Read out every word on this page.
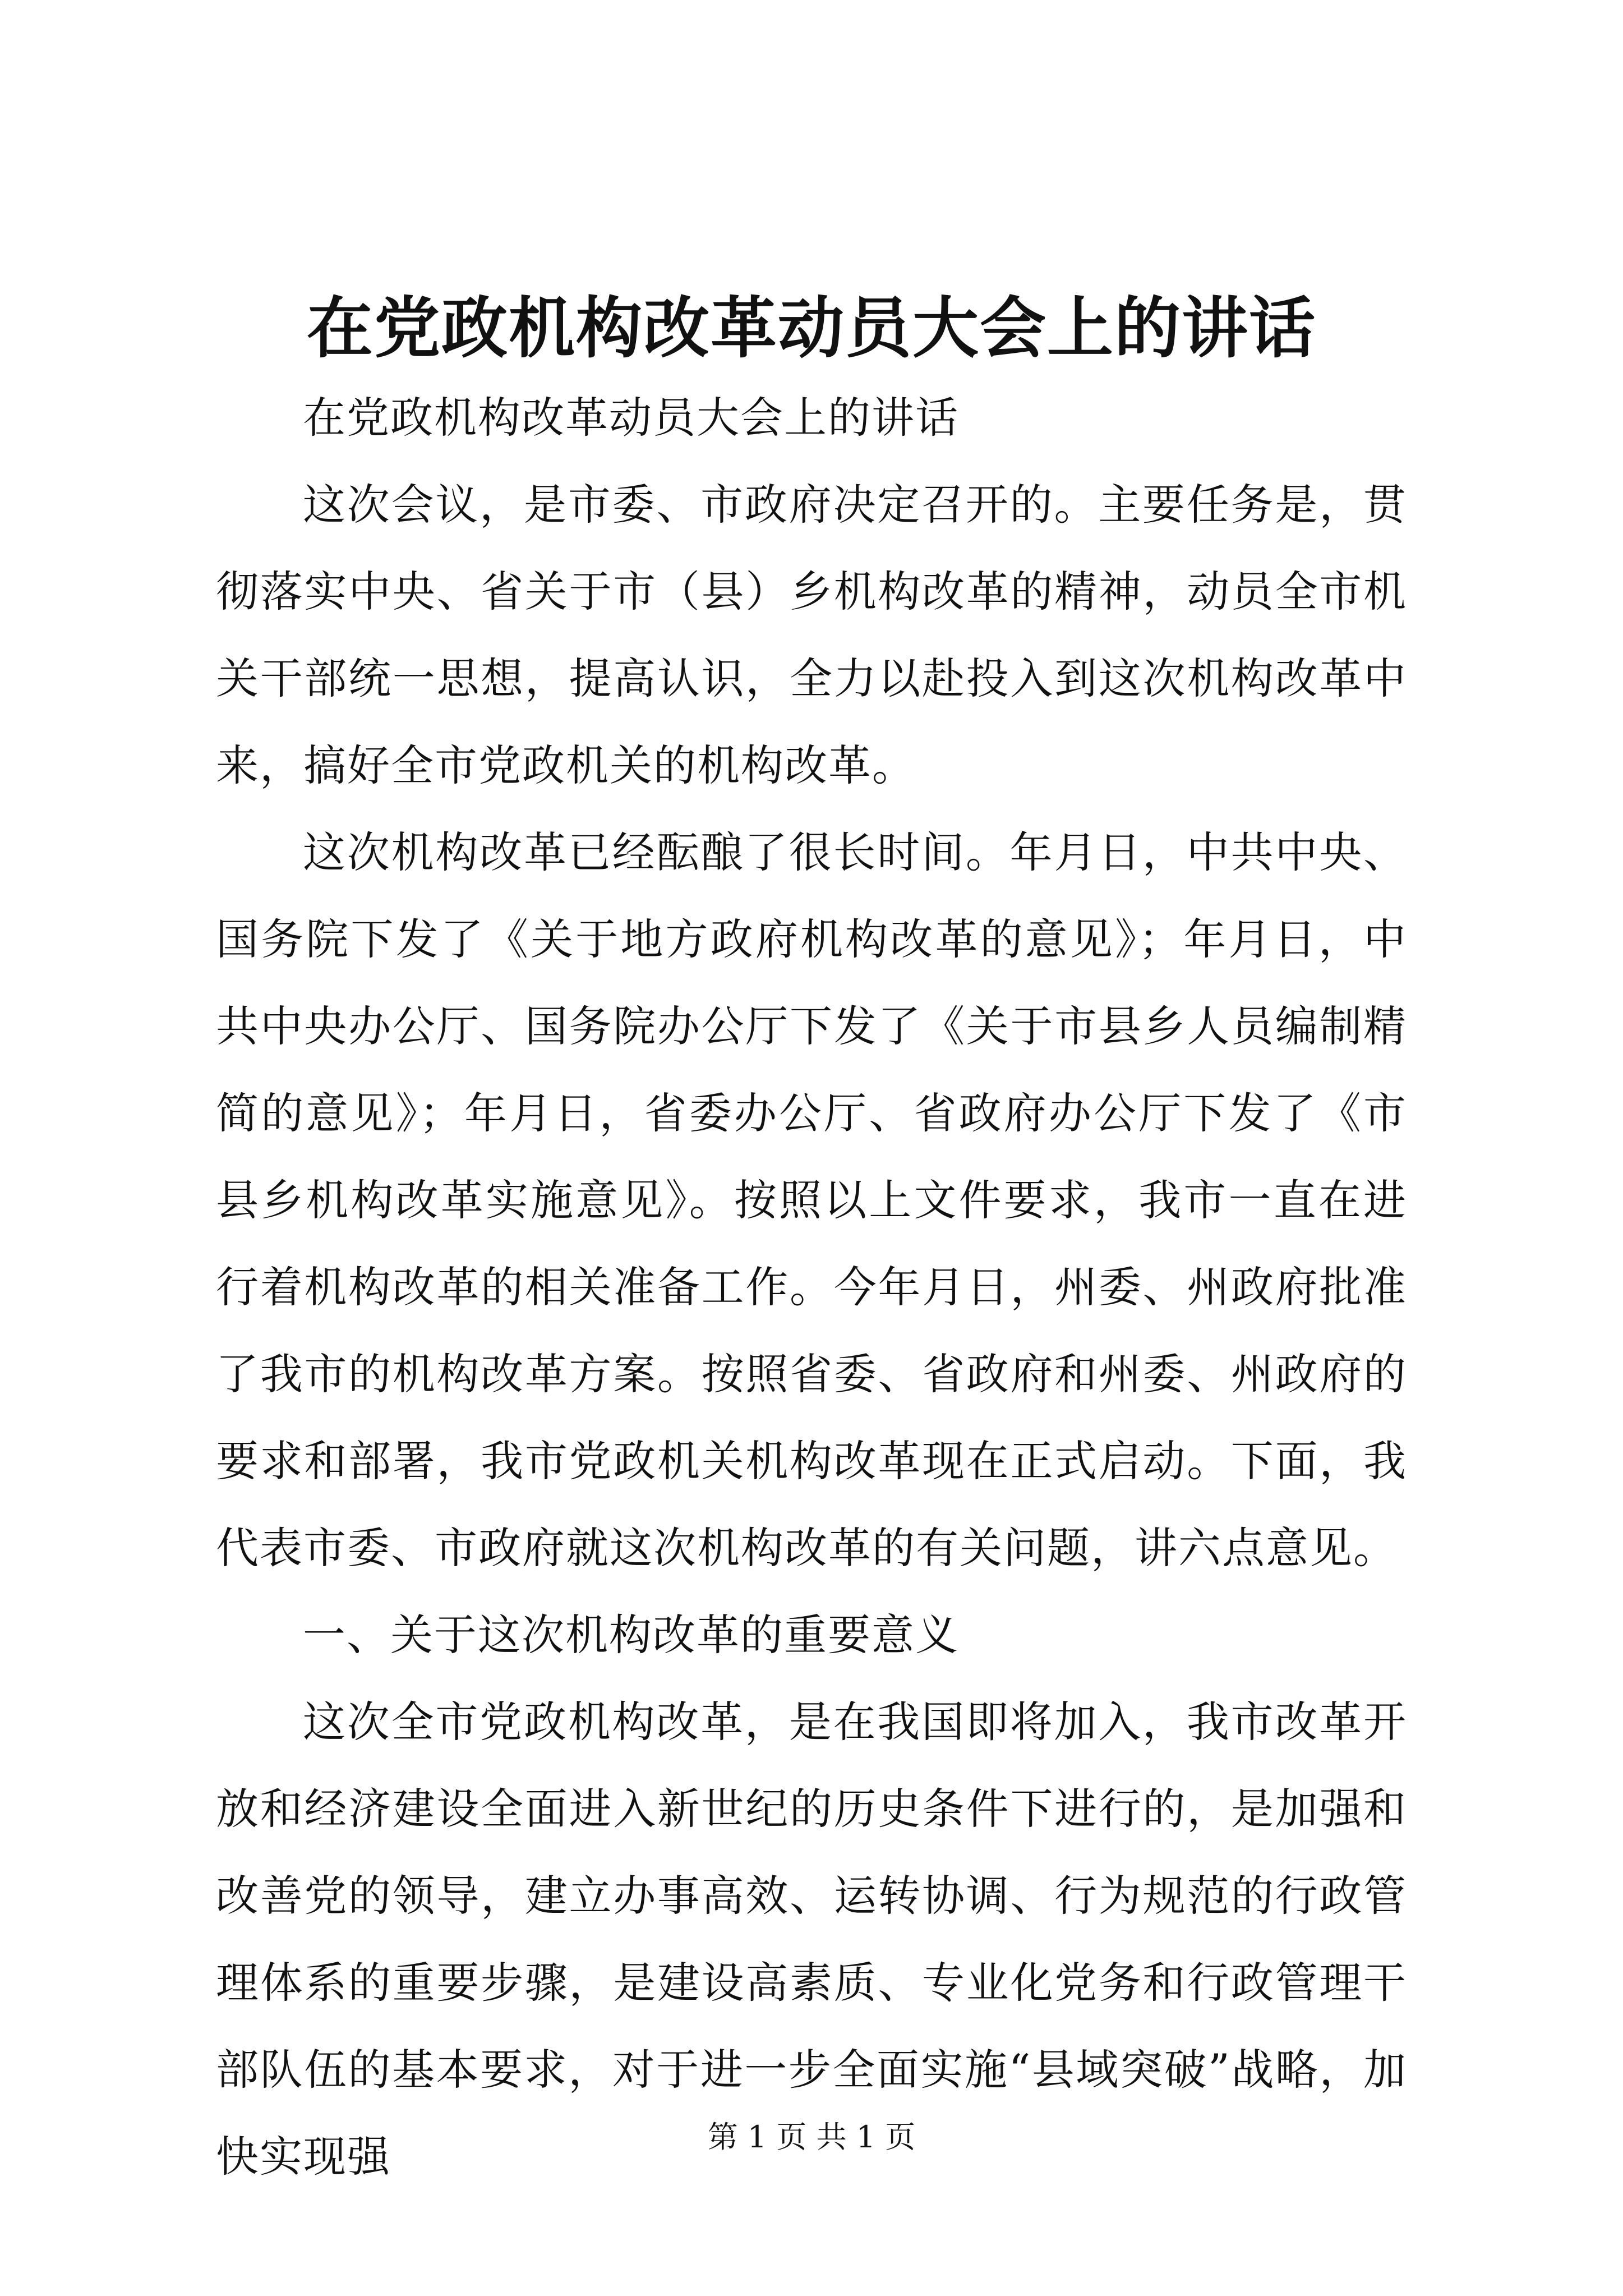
在党政机构改革动员大会上的讲话

在党政机构改革动员大会上的讲话

这次会议，是市委、市政府决定召开的。主要任务是，贯彻落实中央、省关于市（县）乡机构改革的精神，动员全市机关干部统一思想，提高认识，全力以赴投入到这次机构改革中来，搞好全市党政机关的机构改革。

这次机构改革已经酝酿了很长时间。年月日，中共中央、国务院下发了《关于地方政府机构改革的意见》；年月日，中共中央办公厅、国务院办公厅下发了《关于市县乡人员编制精简的意见》；年月日，省委办公厅、省政府办公厅下发了《市县乡机构改革实施意见》。按照以上文件要求，我市一直在进行着机构改革的相关准备工作。今年月日，州委、州政府批准了我市的机构改革方案。按照省委、省政府和州委、州政府的要求和部署，我市党政机关机构改革现在正式启动。下面，我代表市委、市政府就这次机构改革的有关问题，讲六点意见。

一、关于这次机构改革的重要意义

这次全市党政机构改革，是在我国即将加入，我市改革开放和经济建设全面进入新世纪的历史条件下进行的，是加强和改善党的领导，建立办事高效、运转协调、行为规范的行政管理体系的重要步骤，是建设高素质、专业化党务和行政管理干部队伍的基本要求，对于进一步全面实施“县域突破”战略，加快实现强	第 1 页 共 1 页
